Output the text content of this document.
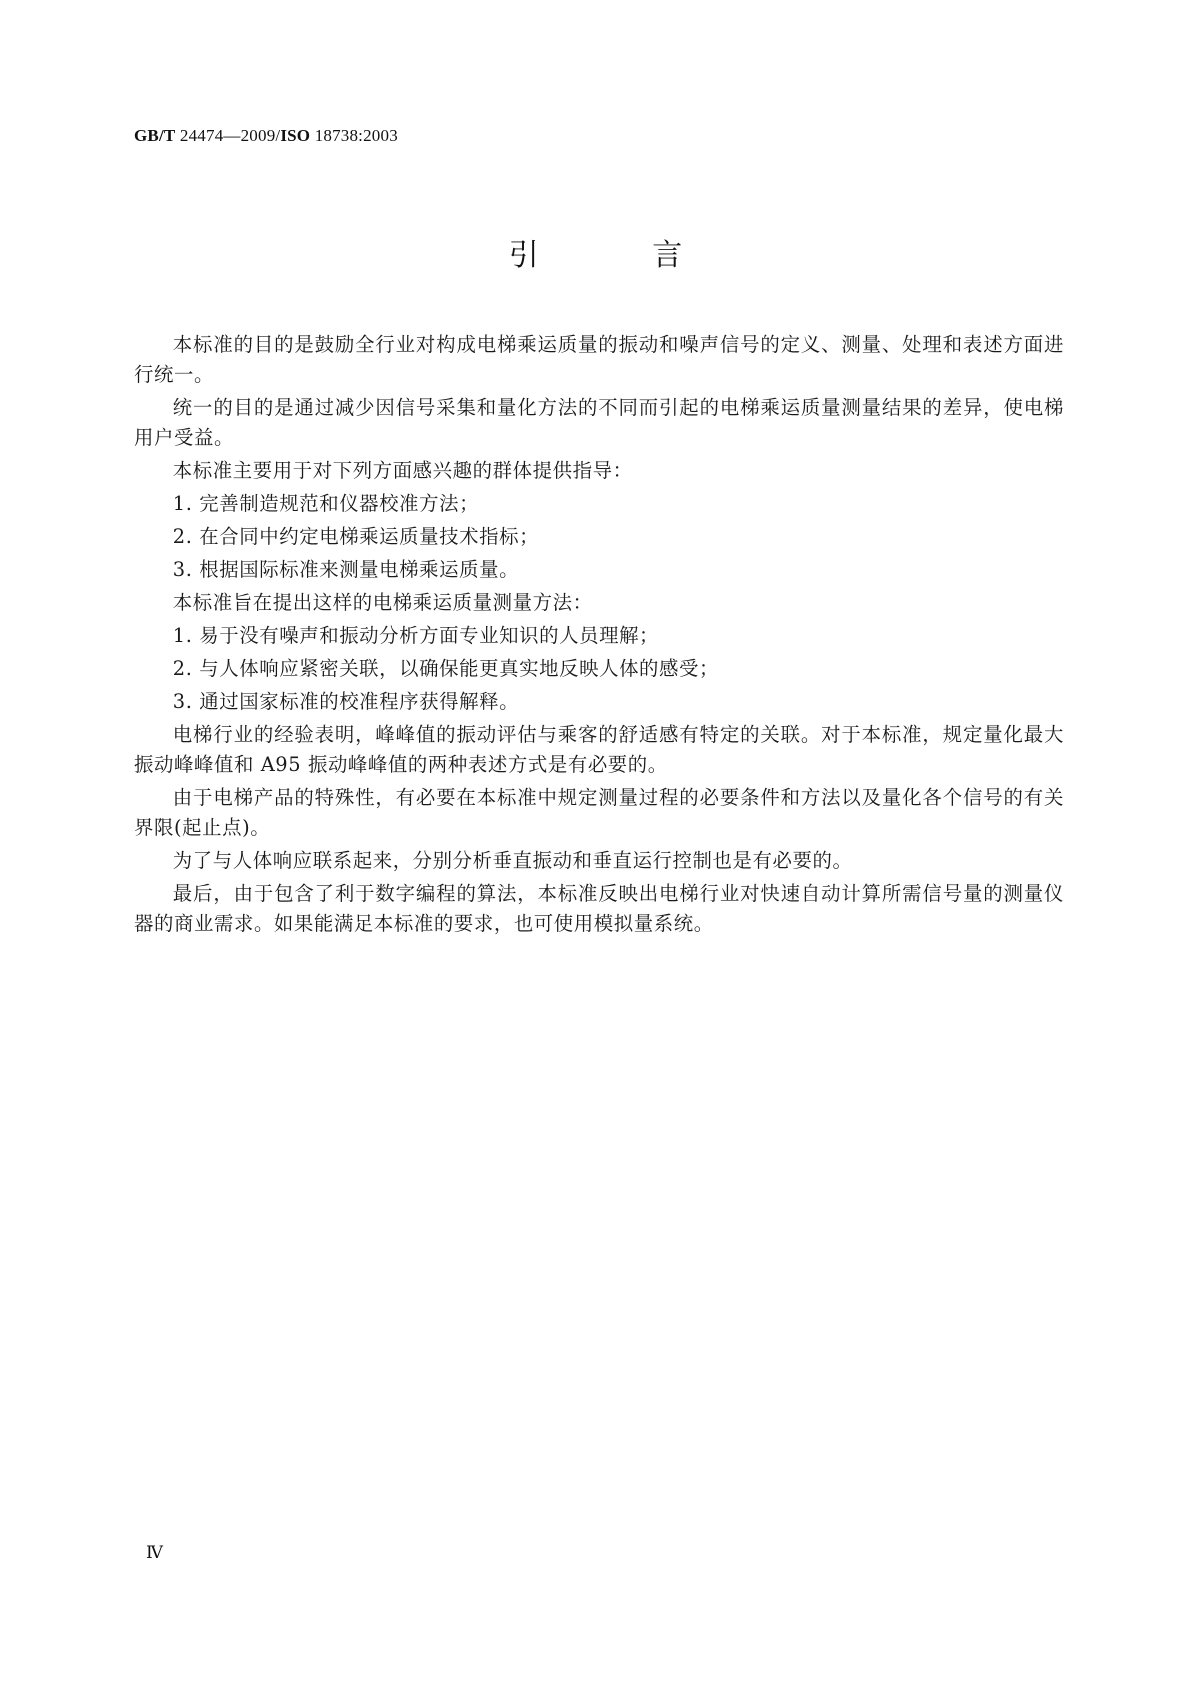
GB/T 24474—2009/ISO 18738:2003
引 言

本标准的目的是鼓励全行业对构成电梯乘运质量的振动和噪声信号的定义、测量、处理和表述方面进行统一。

统一的目的是通过减少因信号采集和量化方法的不同而引起的电梯乘运质量测量结果的差异，使电梯用户受益。

本标准主要用于对下列方面感兴趣的群体提供指导：

1. 完善制造规范和仪器校准方法；

2. 在合同中约定电梯乘运质量技术指标；

3. 根据国际标准来测量电梯乘运质量。

本标准旨在提出这样的电梯乘运质量测量方法：

1. 易于没有噪声和振动分析方面专业知识的人员理解；

2. 与人体响应紧密关联，以确保能更真实地反映人体的感受；

3. 通过国家标准的校准程序获得解释。

电梯行业的经验表明，峰峰值的振动评估与乘客的舒适感有特定的关联。对于本标准，规定量化最大振动峰峰值和 A95 振动峰峰值的两种表述方式是有必要的。

由于电梯产品的特殊性，有必要在本标准中规定测量过程的必要条件和方法以及量化各个信号的有关界限(起止点)。

为了与人体响应联系起来，分别分析垂直振动和垂直运行控制也是有必要的。

最后，由于包含了利于数字编程的算法，本标准反映出电梯行业对快速自动计算所需信号量的测量仪器的商业需求。如果能满足本标准的要求，也可使用模拟量系统。

Ⅳ
